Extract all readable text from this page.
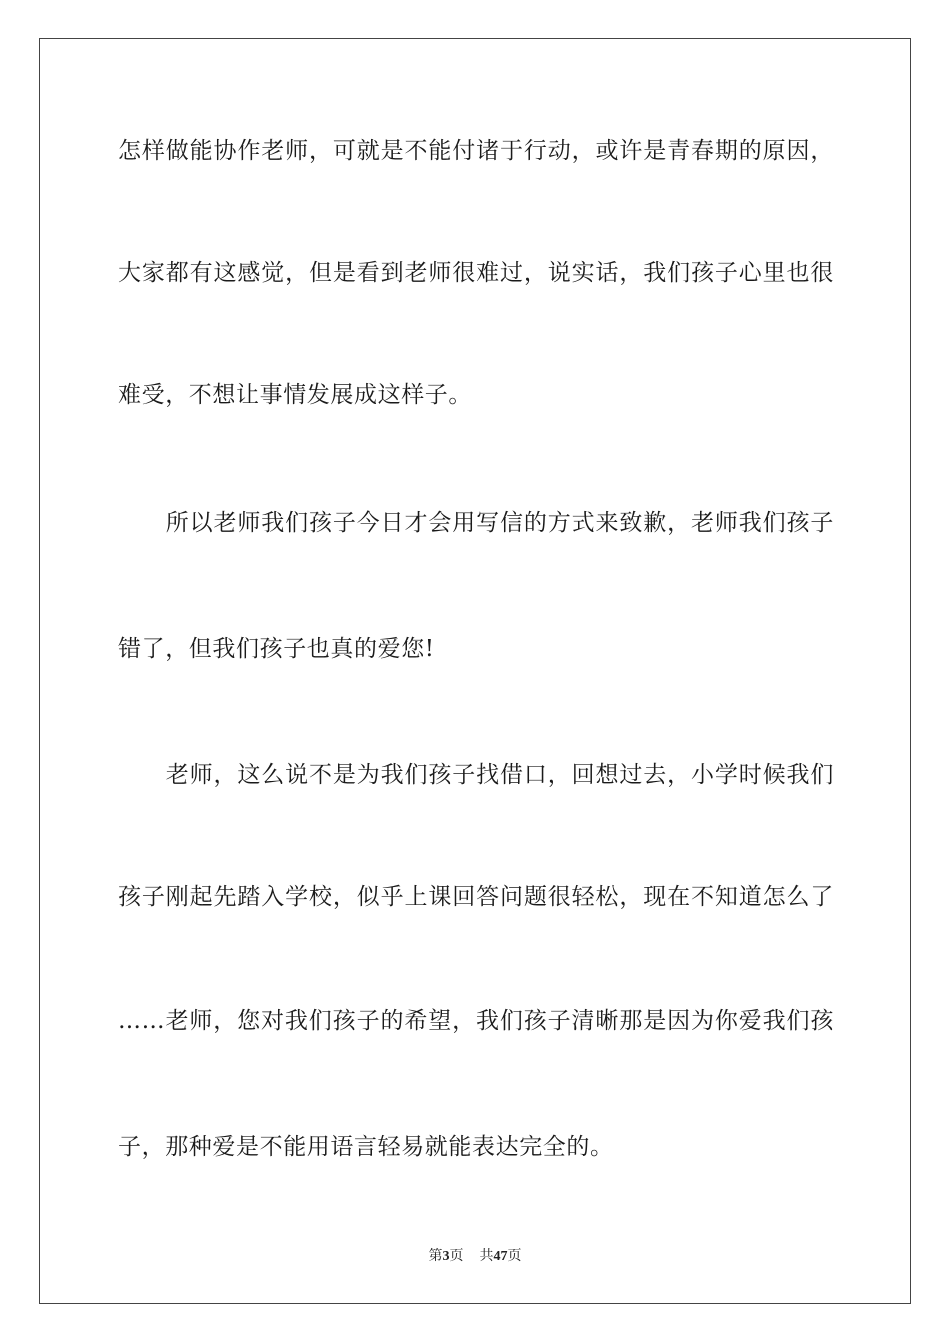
怎样做能协作老师，可就是不能付诸于行动，或许是青春期的原因，
大家都有这感觉，但是看到老师很难过，说实话，我们孩子心里也很
难受，不想让事情发展成这样子。
　　所以老师我们孩子今日才会用写信的方式来致歉，老师我们孩子
错了，但我们孩子也真的爱您!
　　老师，这么说不是为我们孩子找借口，回想过去，小学时候我们
孩子刚起先踏入学校，似乎上课回答问题很轻松，现在不知道怎么了
……老师，您对我们孩子的希望，我们孩子清晰那是因为你爱我们孩
子，那种爱是不能用语言轻易就能表达完全的。
第3页 共47页
